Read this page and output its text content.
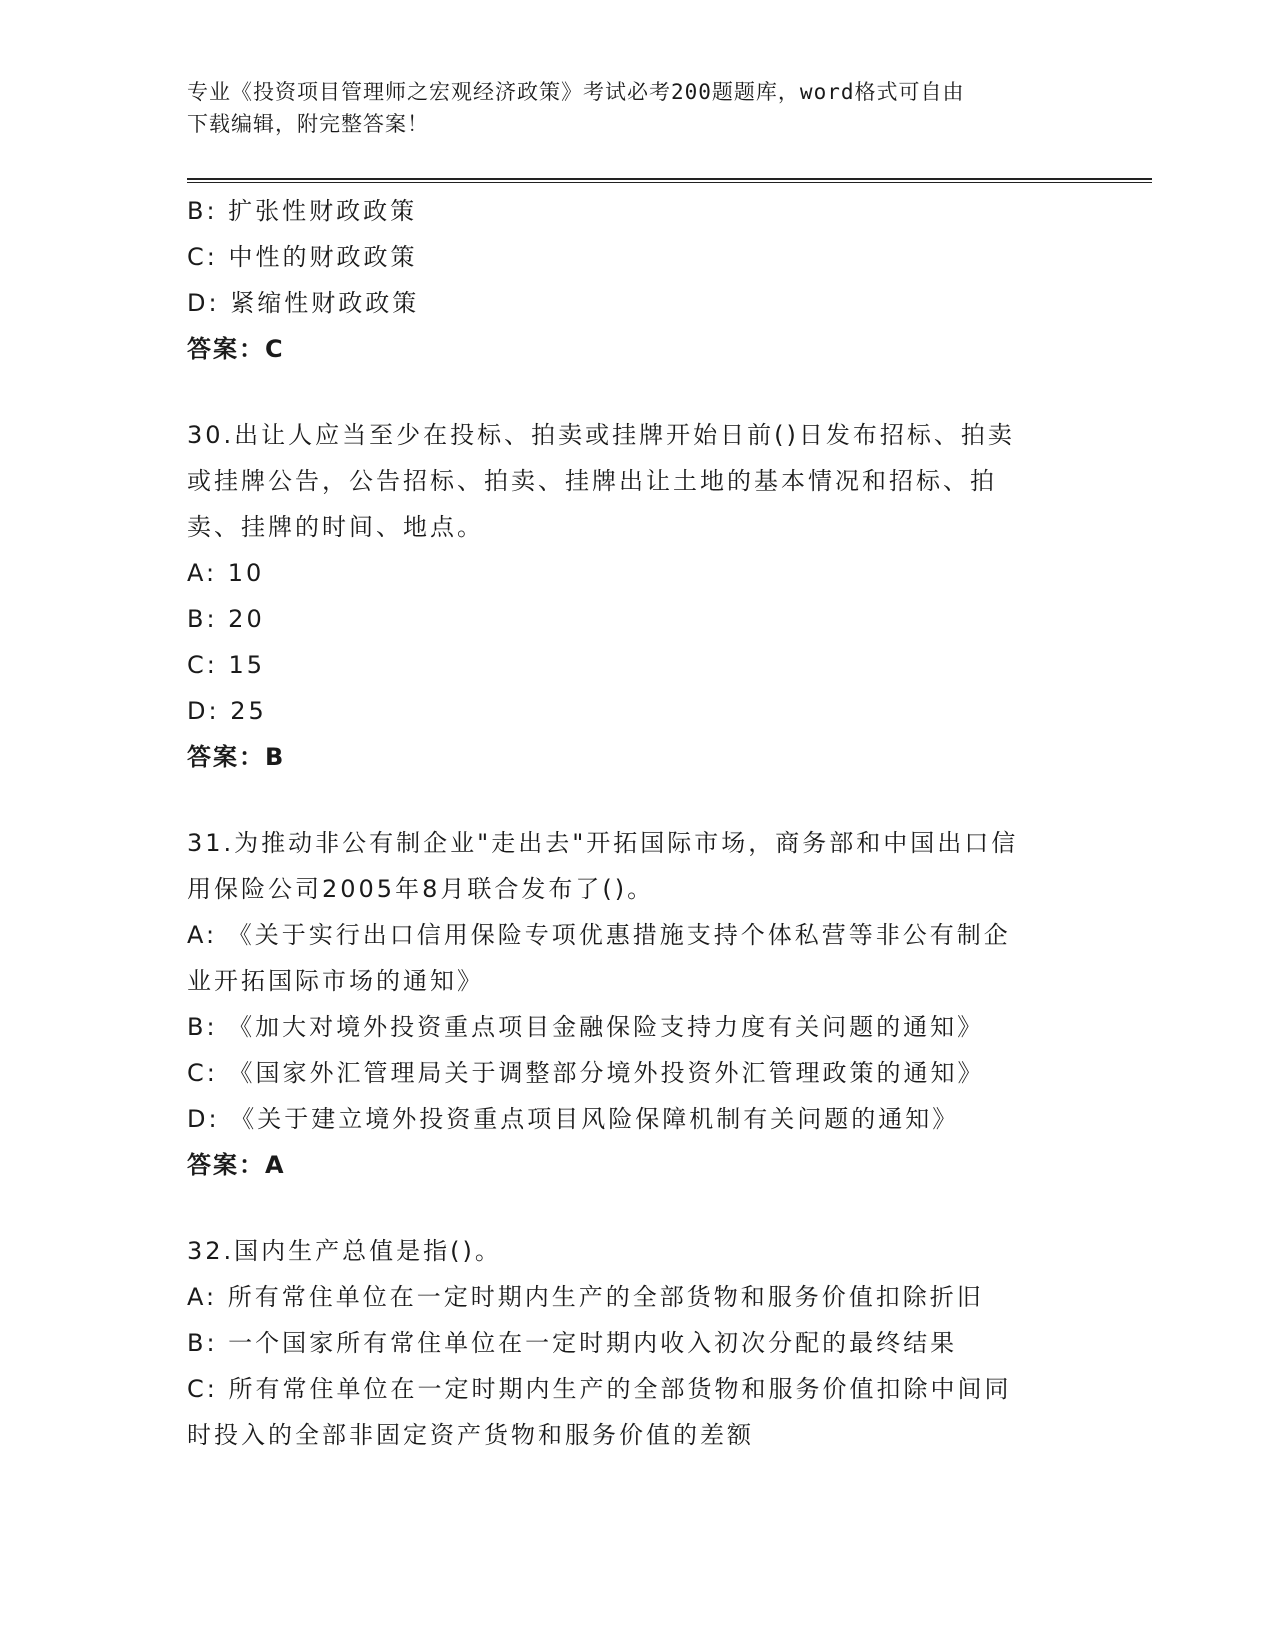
专业《投资项目管理师之宏观经济政策》考试必考200题题库，word格式可自由

下载编辑，附完整答案！

B: 扩张性财政政策

C: 中性的财政政策

D: 紧缩性财政政策

答案：C

30.出让人应当至少在投标、拍卖或挂牌开始日前()日发布招标、拍卖

或挂牌公告，公告招标、拍卖、挂牌出让土地的基本情况和招标、拍

卖、挂牌的时间、地点。

A: 10

B: 20

C: 15

D: 25

答案：B

31.为推动非公有制企业"走出去"开拓国际市场，商务部和中国出口信

用保险公司2005年8月联合发布了()。

A: 《关于实行出口信用保险专项优惠措施支持个体私营等非公有制企

业开拓国际市场的通知》

B: 《加大对境外投资重点项目金融保险支持力度有关问题的通知》

C: 《国家外汇管理局关于调整部分境外投资外汇管理政策的通知》

D: 《关于建立境外投资重点项目风险保障机制有关问题的通知》

答案：A

32.国内生产总值是指()。

A: 所有常住单位在一定时期内生产的全部货物和服务价值扣除折旧

B: 一个国家所有常住单位在一定时期内收入初次分配的最终结果

C: 所有常住单位在一定时期内生产的全部货物和服务价值扣除中间同

时投入的全部非固定资产货物和服务价值的差额
